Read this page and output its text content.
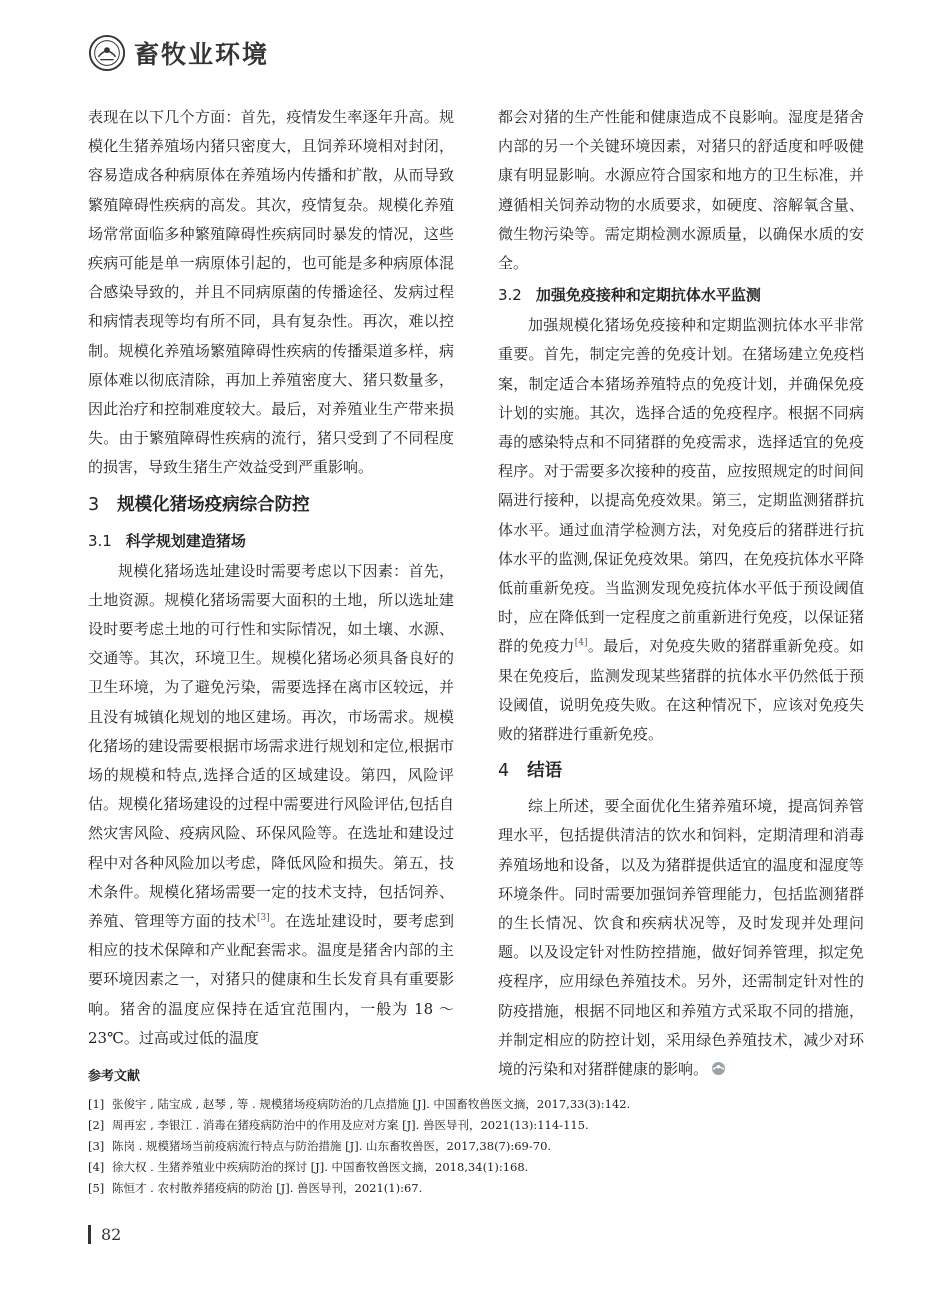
畜牧业环境

表现在以下几个方面：首先，疫情发生率逐年升高。规模化生猪养殖场内猪只密度大，且饲养环境相对封闭，容易造成各种病原体在养殖场内传播和扩散，从而导致繁殖障碍性疾病的高发。其次，疫情复杂。规模化养殖场常常面临多种繁殖障碍性疾病同时暴发的情况，这些疾病可能是单一病原体引起的，也可能是多种病原体混合感染导致的，并且不同病原菌的传播途径、发病过程和病情表现等均有所不同，具有复杂性。再次，难以控制。规模化养殖场繁殖障碍性疾病的传播渠道多样，病原体难以彻底清除，再加上养殖密度大、猪只数量多，因此治疗和控制难度较大。最后，对养殖业生产带来损失。由于繁殖障碍性疾病的流行，猪只受到了不同程度的损害，导致生猪生产效益受到严重影响。

3 规模化猪场疫病综合防控
3.1 科学规划建造猪场

规模化猪场选址建设时需要考虑以下因素：首先，土地资源。规模化猪场需要大面积的土地，所以选址建设时要考虑土地的可行性和实际情况，如土壤、水源、交通等。其次，环境卫生。规模化猪场必须具备良好的卫生环境，为了避免污染，需要选择在离市区较远，并且没有城镇化规划的地区建场。再次，市场需求。规模化猪场的建设需要根据市场需求进行规划和定位,根据市场的规模和特点,选择合适的区域建设。第四，风险评估。规模化猪场建设的过程中需要进行风险评估,包括自然灾害风险、疫病风险、环保风险等。在选址和建设过程中对各种风险加以考虑，降低风险和损失。第五，技术条件。规模化猪场需要一定的技术支持，包括饲养、养殖、管理等方面的技术[3]。在选址建设时，要考虑到相应的技术保障和产业配套需求。温度是猪舍内部的主要环境因素之一，对猪只的健康和生长发育具有重要影响。猪舍的温度应保持在适宜范围内，一般为 18 ～ 23℃。过高或过低的温度

都会对猪的生产性能和健康造成不良影响。湿度是猪舍内部的另一个关键环境因素，对猪只的舒适度和呼吸健康有明显影响。水源应符合国家和地方的卫生标准，并遵循相关饲养动物的水质要求，如硬度、溶解氧含量、微生物污染等。需定期检测水源质量，以确保水质的安全。

3.2 加强免疫接种和定期抗体水平监测

加强规模化猪场免疫接种和定期监测抗体水平非常重要。首先，制定完善的免疫计划。在猪场建立免疫档案，制定适合本猪场养殖特点的免疫计划，并确保免疫计划的实施。其次，选择合适的免疫程序。根据不同病毒的感染特点和不同猪群的免疫需求，选择适宜的免疫程序。对于需要多次接种的疫苗，应按照规定的时间间隔进行接种，以提高免疫效果。第三，定期监测猪群抗体水平。通过血清学检测方法，对免疫后的猪群进行抗体水平的监测,保证免疫效果。第四，在免疫抗体水平降低前重新免疫。当监测发现免疫抗体水平低于预设阈值时，应在降低到一定程度之前重新进行免疫，以保证猪群的免疫力[4]。最后，对免疫失败的猪群重新免疫。如果在免疫后，监测发现某些猪群的抗体水平仍然低于预设阈值，说明免疫失败。在这种情况下，应该对免疫失败的猪群进行重新免疫。

4 结语

综上所述，要全面优化生猪养殖环境，提高饲养管理水平，包括提供清洁的饮水和饲料，定期清理和消毒养殖场地和设备，以及为猪群提供适宜的温度和湿度等环境条件。同时需要加强饲养管理能力，包括监测猪群的生长情况、饮食和疾病状况等，及时发现并处理问题。以及设定针对性防控措施，做好饲养管理，拟定免疫程序，应用绿色养殖技术。另外，还需制定针对性的防疫措施，根据不同地区和养殖方式采取不同的措施，并制定相应的防控计划，采用绿色养殖技术，减少对环境的污染和对猪群健康的影响。

参考文献
[1] 张俊宇 , 陆宝成 , 赵琴 , 等 . 规模猪场疫病防治的几点措施 [J]. 中国畜牧兽医文摘，2017,33(3):142.
[2] 周再宏 , 李银江 . 消毒在猪疫病防治中的作用及应对方案 [J]. 兽医导刊，2021(13):114-115.
[3] 陈岗 . 规模猪场当前疫病流行特点与防治措施 [J]. 山东畜牧兽医，2017,38(7):69-70.
[4] 徐大权 . 生猪养殖业中疾病防治的探讨 [J]. 中国畜牧兽医文摘，2018,34(1):168.
[5] 陈恒才 . 农村散养猪疫病的防治 [J]. 兽医导刊，2021(1):67.
82
